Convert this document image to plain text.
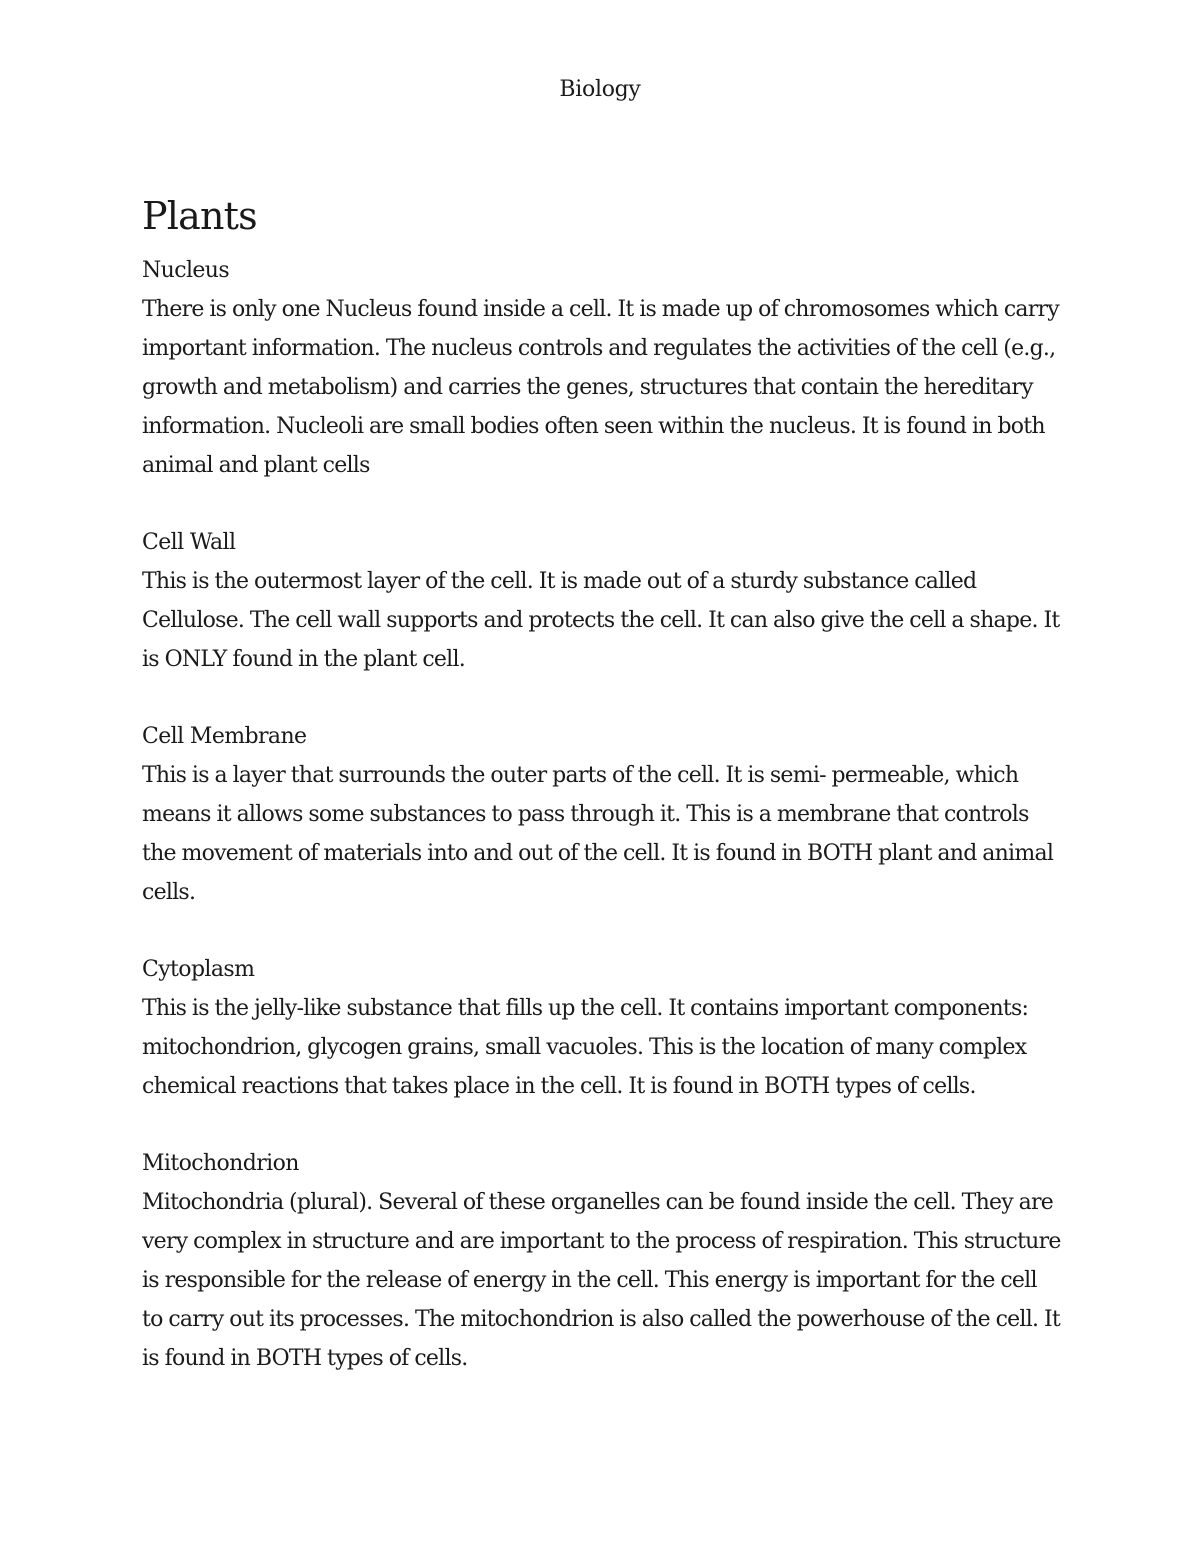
Biology
Plants
Nucleus

There is only one Nucleus found inside a cell. It is made up of chromosomes which carry important information. The nucleus controls and regulates the activities of the cell (e.g., growth and metabolism) and carries the genes, structures that contain the hereditary information. Nucleoli are small bodies often seen within the nucleus. It is found in both animal and plant cells

Cell Wall

This is the outermost layer of the cell. It is made out of a sturdy substance called Cellulose. The cell wall supports and protects the cell. It can also give the cell a shape. It is ONLY found in the plant cell.

Cell Membrane

This is a layer that surrounds the outer parts of the cell. It is semi- permeable, which means it allows some substances to pass through it. This is a membrane that controls the movement of materials into and out of the cell. It is found in BOTH plant and animal cells.

Cytoplasm

This is the jelly-like substance that fills up the cell. It contains important components: mitochondrion, glycogen grains, small vacuoles. This is the location of many complex chemical reactions that takes place in the cell. It is found in BOTH types of cells.

Mitochondrion

Mitochondria (plural). Several of these organelles can be found inside the cell. They are very complex in structure and are important to the process of respiration. This structure is responsible for the release of energy in the cell. This energy is important for the cell to carry out its processes. The mitochondrion is also called the powerhouse of the cell. It is found in BOTH types of cells.
